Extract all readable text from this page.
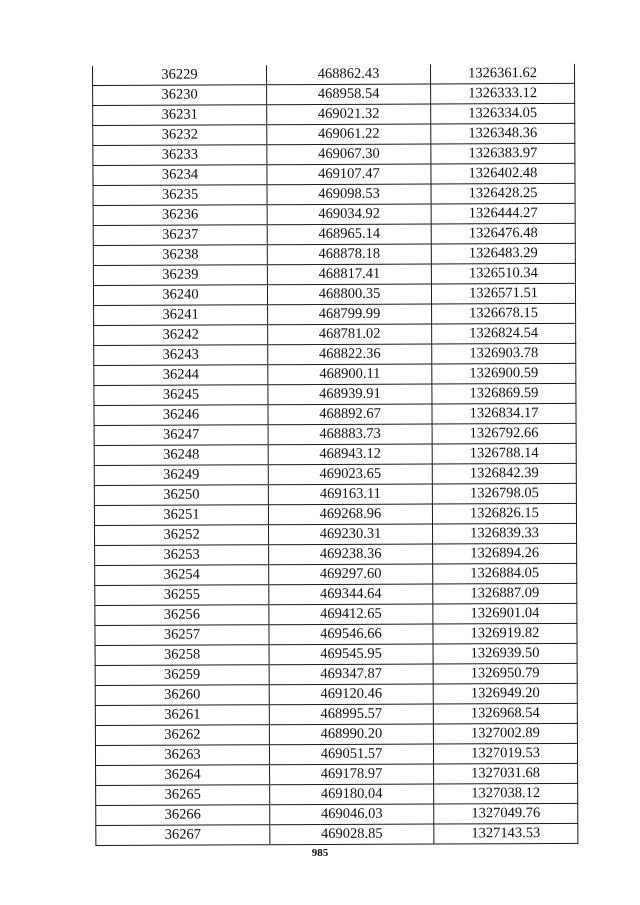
36229	468862.43	1326361.62
36230	468958.54	1326333.12
36231	469021.32	1326334.05
36232	469061.22	1326348.36
36233	469067.30	1326383.97
36234	469107.47	1326402.48
36235	469098.53	1326428.25
36236	469034.92	1326444.27
36237	468965.14	1326476.48
36238	468878.18	1326483.29
36239	468817.41	1326510.34
36240	468800.35	1326571.51
36241	468799.99	1326678.15
36242	468781.02	1326824.54
36243	468822.36	1326903.78
36244	468900.11	1326900.59
36245	468939.91	1326869.59
36246	468892.67	1326834.17
36247	468883.73	1326792.66
36248	468943.12	1326788.14
36249	469023.65	1326842.39
36250	469163.11	1326798.05
36251	469268.96	1326826.15
36252	469230.31	1326839.33
36253	469238.36	1326894.26
36254	469297.60	1326884.05
36255	469344.64	1326887.09
36256	469412.65	1326901.04
36257	469546.66	1326919.82
36258	469545.95	1326939.50
36259	469347.87	1326950.79
36260	469120.46	1326949.20
36261	468995.57	1326968.54
36262	468990.20	1327002.89
36263	469051.57	1327019.53
36264	469178.97	1327031.68
36265	469180.04	1327038.12
36266	469046.03	1327049.76
36267	469028.85	1327143.53
985
